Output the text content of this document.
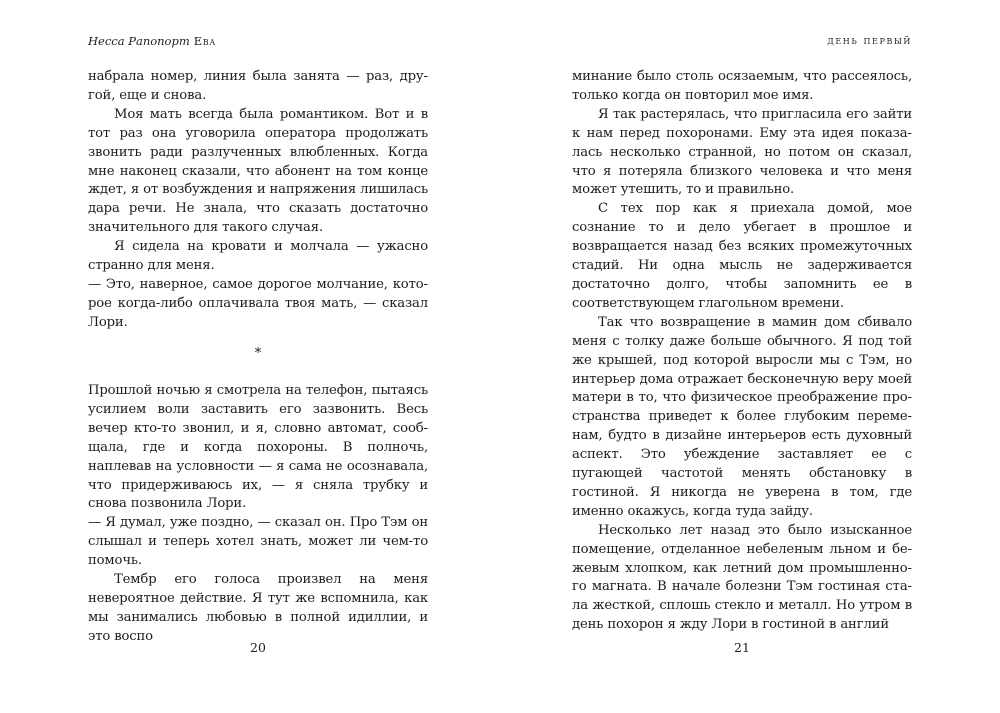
Несса Рапопорт Ева

набрала номер, линия была занята — раз, другой, еще и снова.

Моя мать всегда была романтиком. Вот и в тот раз она уговорила оператора продолжать звонить ради разлученных влюбленных. Когда мне наконец сказали, что абонент на том конце ждет, я от возбуждения и напряжения лишилась дара речи. Не знала, что сказать достаточно значительного для такого случая.

Я сидела на кровати и молчала — ужасно странно для меня.

— Это, наверное, самое дорогое молчание, которое когда-либо оплачивала твоя мать, — сказал Лори.

*

Прошлой ночью я смотрела на телефон, пытаясь усилием воли заставить его зазвонить. Весь вечер кто-то звонил, и я, словно автомат, сообщала, где и когда похороны. В полночь, наплевав на условности — я сама не осознавала, что придерживаюсь их, — я сняла трубку и снова позвонила Лори.

— Я думал, уже поздно, — сказал он. Про Тэм он слышал и теперь хотел знать, может ли чем-то помочь.

Тембр его голоса произвел на меня невероятное действие. Я тут же вспомнила, как мы занимались любовью в полной идиллии, и это воспо

20
день первый

минание было столь осязаемым, что рассеялось, только когда он повторил мое имя.

Я так растерялась, что пригласила его зайти к нам перед похоронами. Ему эта идея показалась несколько странной, но потом он сказал, что я потеряла близкого человека и что меня может утешить, то и правильно.

С тех пор как я приехала домой, мое сознание то и дело убегает в прошлое и возвращается назад без всяких промежуточных стадий. Ни одна мысль не задерживается достаточно долго, чтобы запомнить ее в соответствующем глагольном времени.

Так что возвращение в мамин дом сбивало меня с толку даже больше обычного. Я под той же крышей, под которой выросли мы с Тэм, но интерьер дома отражает бесконечную веру моей матери в то, что физическое преображение пространства приведет к более глубоким переменам, будто в дизайне интерьеров есть духовный аспект. Это убеждение заставляет ее с пугающей частотой менять обстановку в гостиной. Я никогда не уверена в том, где именно окажусь, когда туда зайду.

Несколько лет назад это было изысканное помещение, отделанное небеленым льном и бежевым хлопком, как летний дом промышленного магната. В начале болезни Тэм гостиная стала жесткой, сплошь стекло и металл. Но утром в день похорон я жду Лори в гостиной в англий

21
